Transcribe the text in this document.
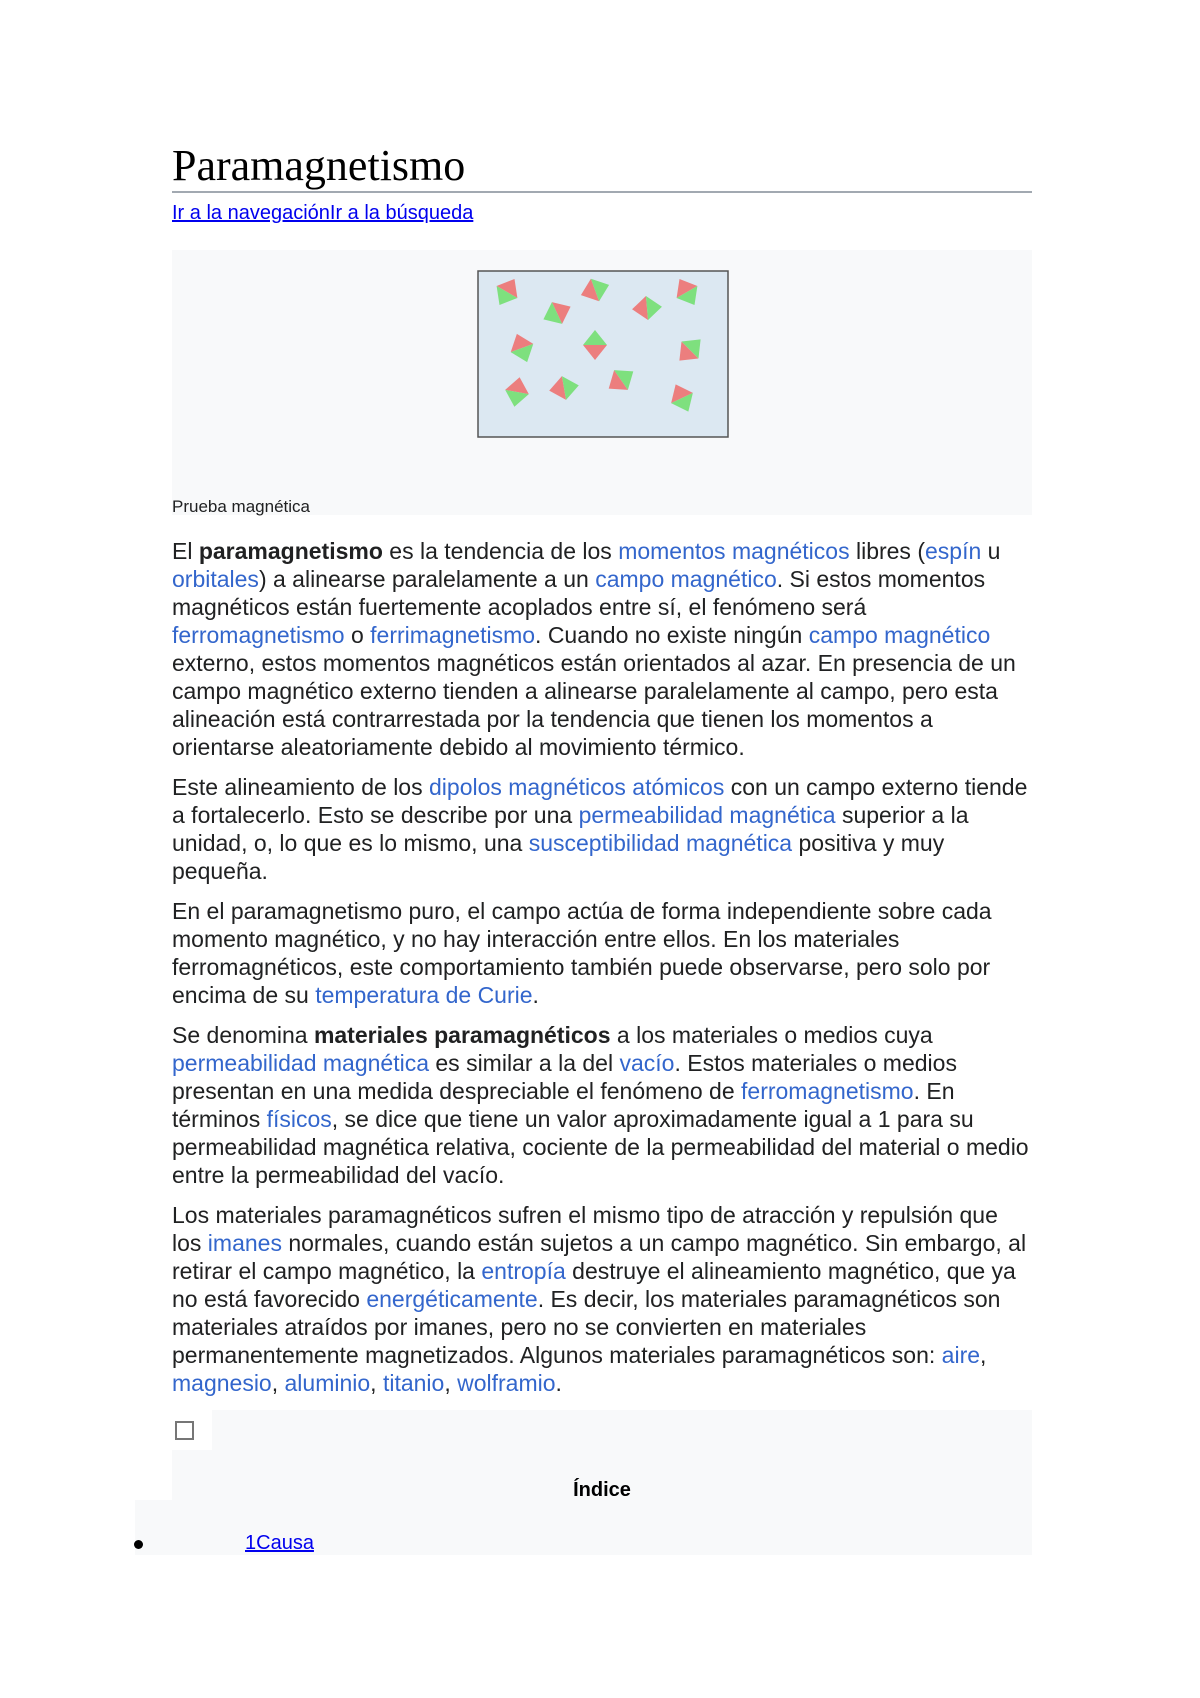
Paramagnetismo
Ir a la navegaciónIr a la búsqueda
Prueba magnética

El paramagnetismo es la tendencia de los momentos magnéticos libres (espín u orbitales) a alinearse paralelamente a un campo magnético. Si estos momentos magnéticos están fuertemente acoplados entre sí, el fenómeno será ferromagnetismo o ferrimagnetismo. Cuando no existe ningún campo magnético externo, estos momentos magnéticos están orientados al azar. En presencia de un campo magnético externo tienden a alinearse paralelamente al campo, pero esta alineación está contrarrestada por la tendencia que tienen los momentos a orientarse aleatoriamente debido al movimiento térmico.

Este alineamiento de los dipolos magnéticos atómicos con un campo externo tiende a fortalecerlo. Esto se describe por una permeabilidad magnética superior a la unidad, o, lo que es lo mismo, una susceptibilidad magnética positiva y muy pequeña.

En el paramagnetismo puro, el campo actúa de forma independiente sobre cada momento magnético, y no hay interacción entre ellos. En los materiales ferromagnéticos, este comportamiento también puede observarse, pero solo por encima de su temperatura de Curie.

Se denomina materiales paramagnéticos a los materiales o medios cuya permeabilidad magnética es similar a la del vacío. Estos materiales o medios presentan en una medida despreciable el fenómeno de ferromagnetismo. En términos físicos, se dice que tiene un valor aproximadamente igual a 1 para su permeabilidad magnética relativa, cociente de la permeabilidad del material o medio entre la permeabilidad del vacío.

Los materiales paramagnéticos sufren el mismo tipo de atracción y repulsión que los imanes normales, cuando están sujetos a un campo magnético. Sin embargo, al retirar el campo magnético, la entropía destruye el alineamiento magnético, que ya no está favorecido energéticamente. Es decir, los materiales paramagnéticos son materiales atraídos por imanes, pero no se convierten en materiales permanentemente magnetizados. Algunos materiales paramagnéticos son: aire, magnesio, aluminio, titanio, wolframio.

Índice
1Causa
